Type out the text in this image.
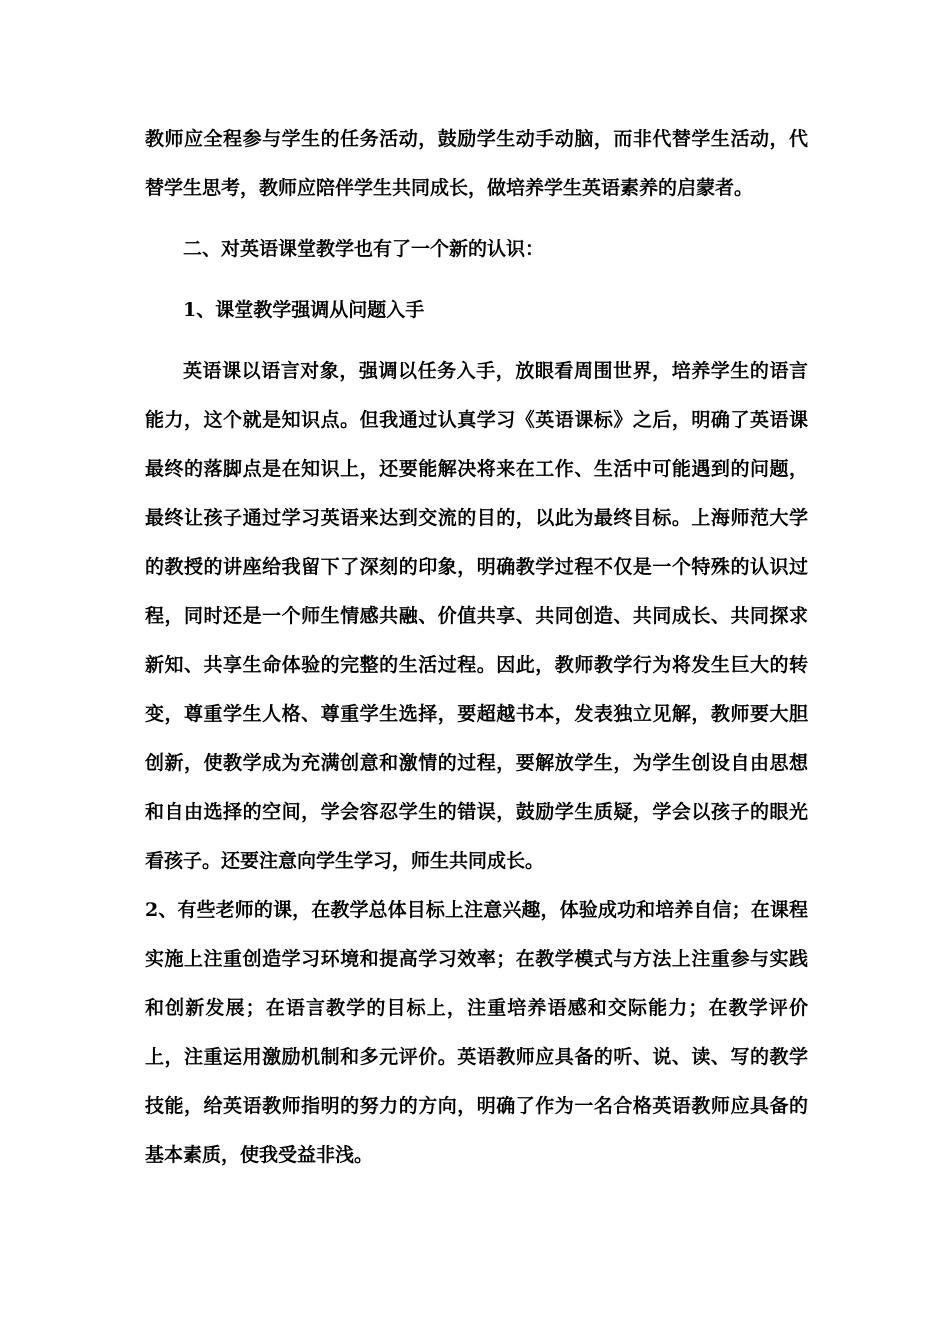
教师应全程参与学生的任务活动，鼓励学生动手动脑，而非代替学生活动，代替学生思考，教师应陪伴学生共同成长，做培养学生英语素养的启蒙者。

二、对英语课堂教学也有了一个新的认识：

1、课堂教学强调从问题入手

英语课以语言对象，强调以任务入手，放眼看周围世界，培养学生的语言能力，这个就是知识点。但我通过认真学习《英语课标》之后，明确了英语课最终的落脚点是在知识上，还要能解决将来在工作、生活中可能遇到的问题，最终让孩子通过学习英语来达到交流的目的，以此为最终目标。上海师范大学的教授的讲座给我留下了深刻的印象，明确教学过程不仅是一个特殊的认识过程，同时还是一个师生情感共融、价值共享、共同创造、共同成长、共同探求新知、共享生命体验的完整的生活过程。因此，教师教学行为将发生巨大的转变，尊重学生人格、尊重学生选择，要超越书本，发表独立见解，教师要大胆创新，使教学成为充满创意和激情的过程，要解放学生，为学生创设自由思想和自由选择的空间，学会容忍学生的错误，鼓励学生质疑，学会以孩子的眼光看孩子。还要注意向学生学习，师生共同成长。

2、有些老师的课，在教学总体目标上注意兴趣，体验成功和培养自信；在课程实施上注重创造学习环境和提高学习效率；在教学模式与方法上注重参与实践和创新发展；在语言教学的目标上，注重培养语感和交际能力；在教学评价上，注重运用激励机制和多元评价。英语教师应具备的听、说、读、写的教学技能，给英语教师指明的努力的方向，明确了作为一名合格英语教师应具备的基本素质，使我受益非浅。
